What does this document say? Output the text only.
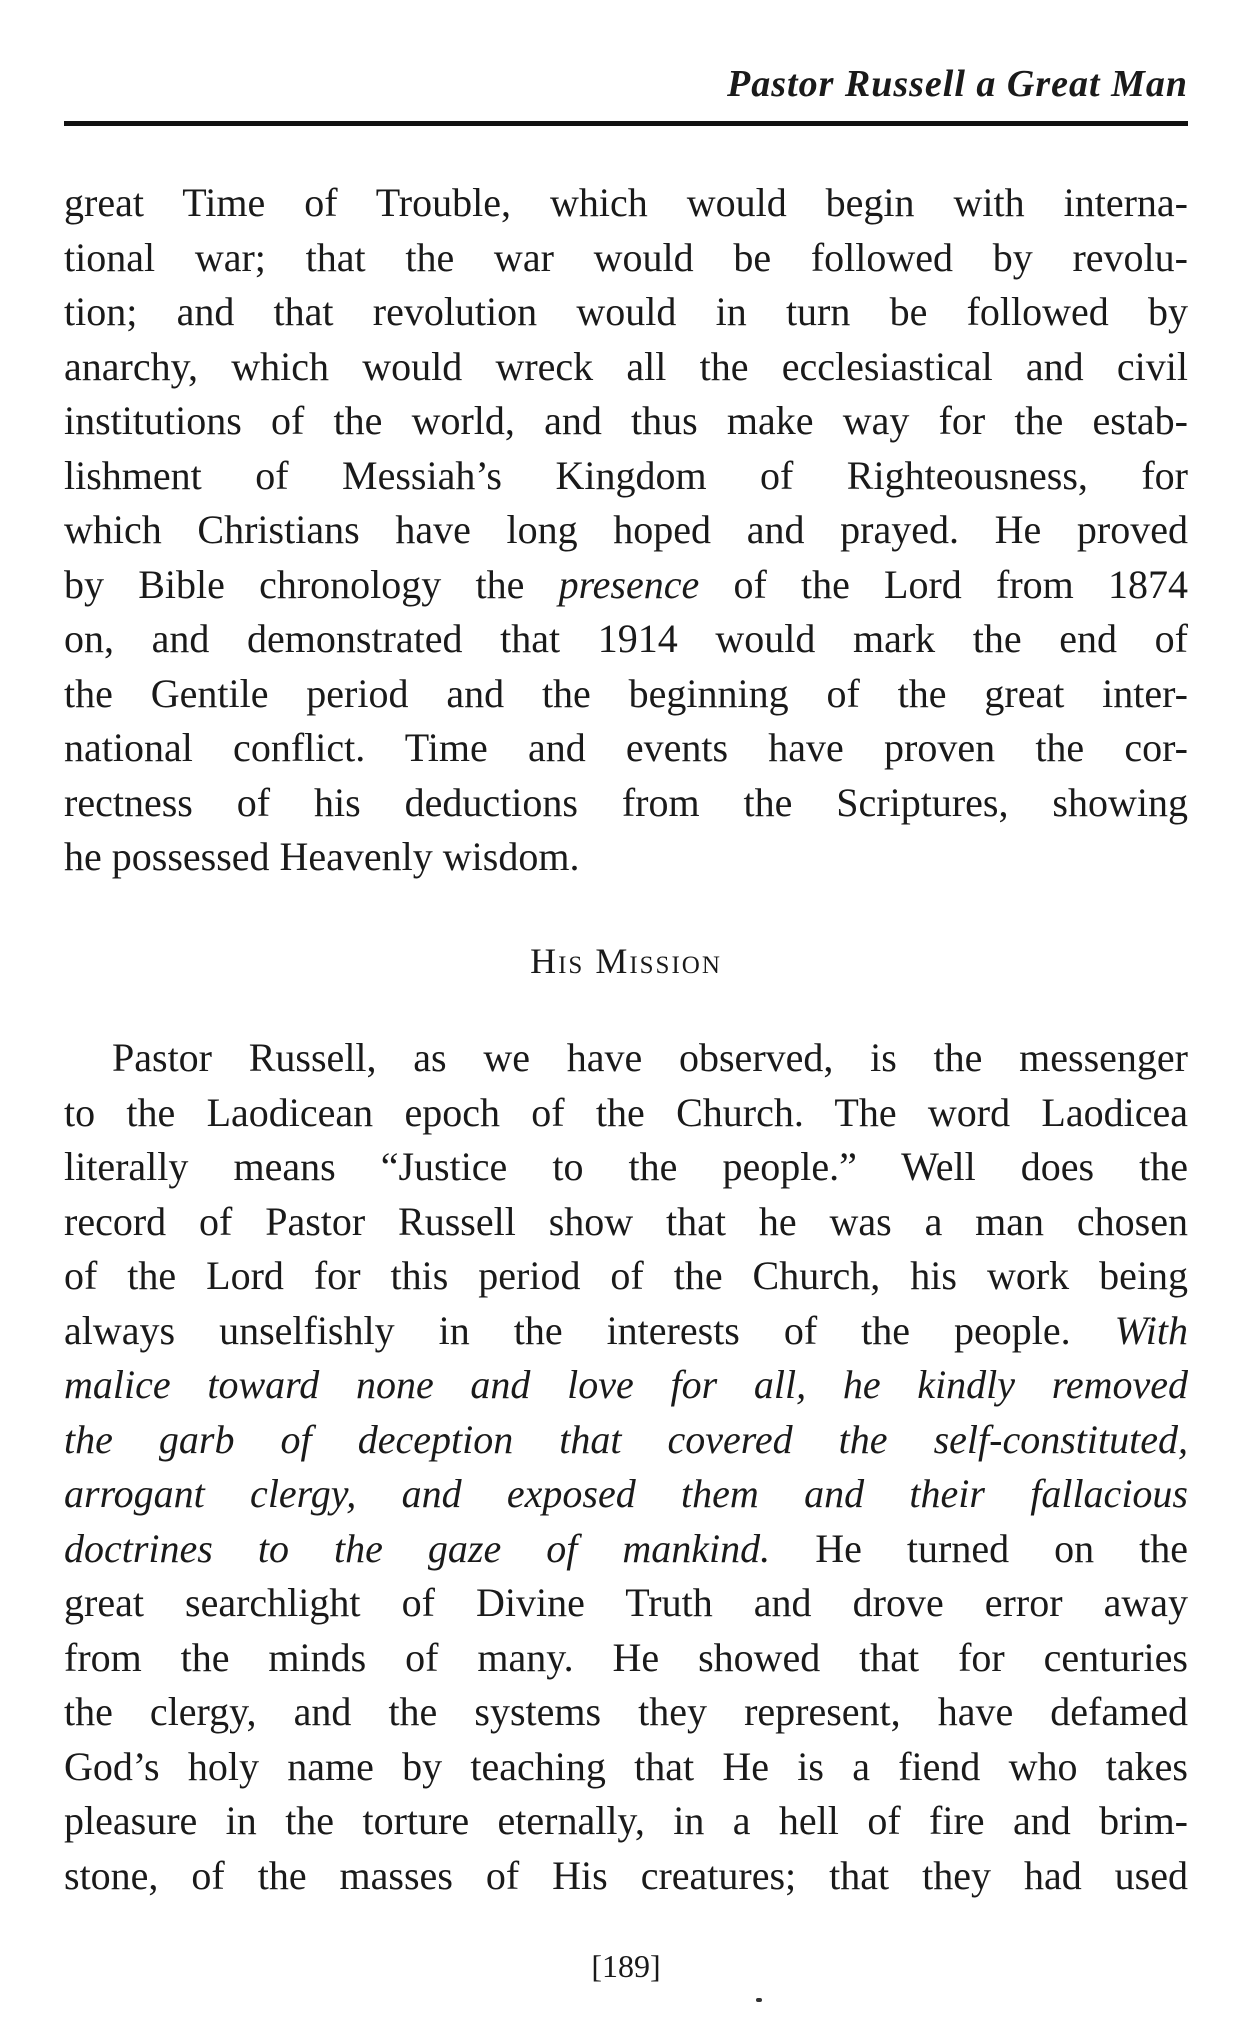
Pastor Russell a Great Man
great Time of Trouble, which would begin with interna-
tional war; that the war would be followed by revolu-
tion; and that revolution would in turn be followed by
anarchy, which would wreck all the ecclesiastical and civil
institutions of the world, and thus make way for the estab-
lishment of Messiah’s Kingdom of Righteousness, for
which Christians have long hoped and prayed. He proved
by Bible chronology the presence of the Lord from 1874
on, and demonstrated that 1914 would mark the end of
the Gentile period and the beginning of the great inter-
national conflict. Time and events have proven the cor-
rectness of his deductions from the Scriptures, showing
he possessed Heavenly wisdom.
His Mission
Pastor Russell, as we have observed, is the messenger
to the Laodicean epoch of the Church. The word Laodicea
literally means “Justice to the people.” Well does the
record of Pastor Russell show that he was a man chosen
of the Lord for this period of the Church, his work being
always unselfishly in the interests of the people. With
malice toward none and love for all, he kindly removed
the garb of deception that covered the self-constituted,
arrogant clergy, and exposed them and their fallacious
doctrines to the gaze of mankind. He turned on the
great searchlight of Divine Truth and drove error away
from the minds of many. He showed that for centuries
the clergy, and the systems they represent, have defamed
God’s holy name by teaching that He is a fiend who takes
pleasure in the torture eternally, in a hell of fire and brim-
stone, of the masses of His creatures; that they had used
[189]
